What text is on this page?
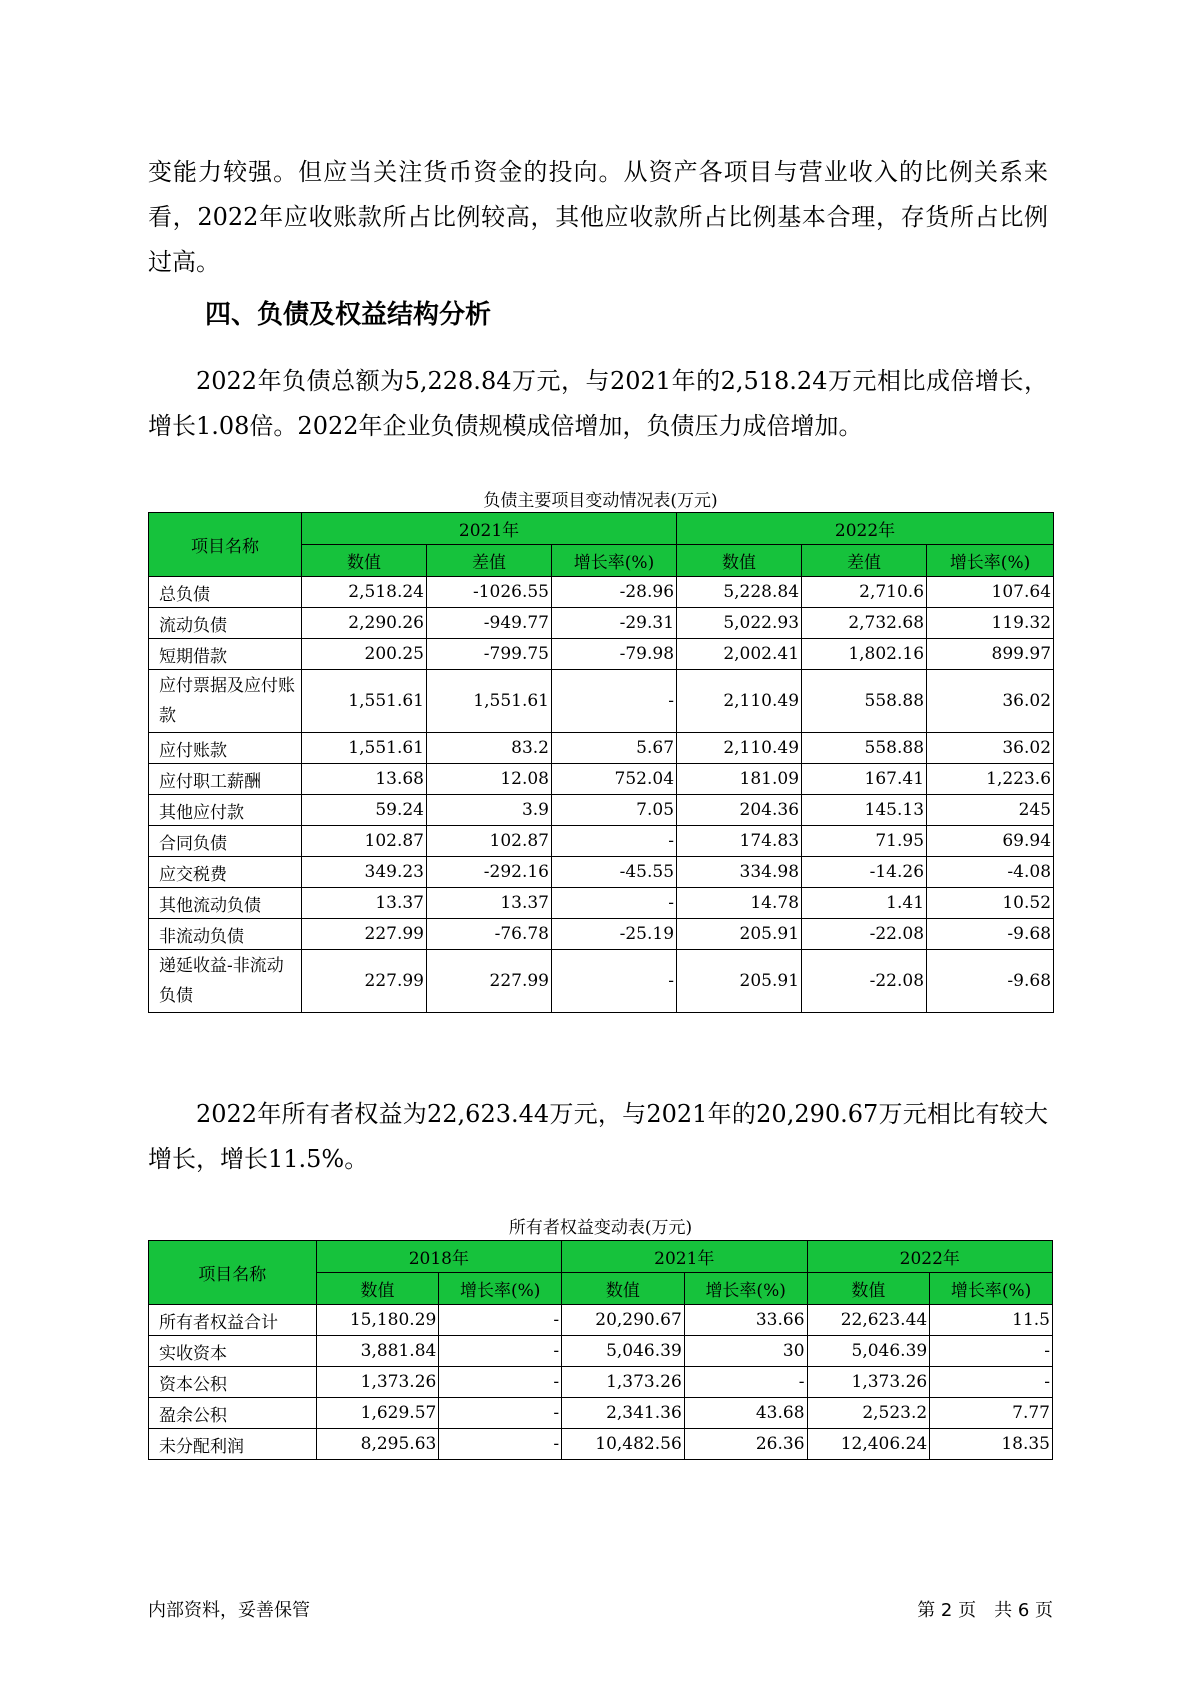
变能力较强。但应当关注货币资金的投向。从资产各项目与营业收入的比例关系来看，2022年应收账款所占比例较高，其他应收款所占比例基本合理，存货所占比例过高。
四、负债及权益结构分析
2022年负债总额为5,228.84万元，与2021年的2,518.24万元相比成倍增长，增长1.08倍。2022年企业负债规模成倍增加，负债压力成倍增加。
负债主要项目变动情况表(万元)
项目名称	2021年			2022年		
	数值	差值	增长率(%)	数值	差值	增长率(%)
总负债	2,518.24	-1026.55	-28.96	5,228.84	2,710.6	107.64
流动负债	2,290.26	-949.77	-29.31	5,022.93	2,732.68	119.32
短期借款	200.25	-799.75	-79.98	2,002.41	1,802.16	899.97
应付票据及应付账款	1,551.61	1,551.61	-	2,110.49	558.88	36.02
应付账款	1,551.61	83.2	5.67	2,110.49	558.88	36.02
应付职工薪酬	13.68	12.08	752.04	181.09	167.41	1,223.6
其他应付款	59.24	3.9	7.05	204.36	145.13	245
合同负债	102.87	102.87	-	174.83	71.95	69.94
应交税费	349.23	-292.16	-45.55	334.98	-14.26	-4.08
其他流动负债	13.37	13.37	-	14.78	1.41	10.52
非流动负债	227.99	-76.78	-25.19	205.91	-22.08	-9.68
递延收益-非流动负债	227.99	227.99	-	205.91	-22.08	-9.68
2022年所有者权益为22,623.44万元，与2021年的20,290.67万元相比有较大增长，增长11.5%。
所有者权益变动表(万元)
项目名称	2018年		2021年		2022年	
	数值	增长率(%)	数值	增长率(%)	数值	增长率(%)
所有者权益合计	15,180.29	-	20,290.67	33.66	22,623.44	11.5
实收资本	3,881.84	-	5,046.39	30	5,046.39	-
资本公积	1,373.26	-	1,373.26	-	1,373.26	-
盈余公积	1,629.57	-	2,341.36	43.68	2,523.2	7.77
未分配利润	8,295.63	-	10,482.56	26.36	12,406.24	18.35
内部资料，妥善保管	第 2 页　共 6 页
